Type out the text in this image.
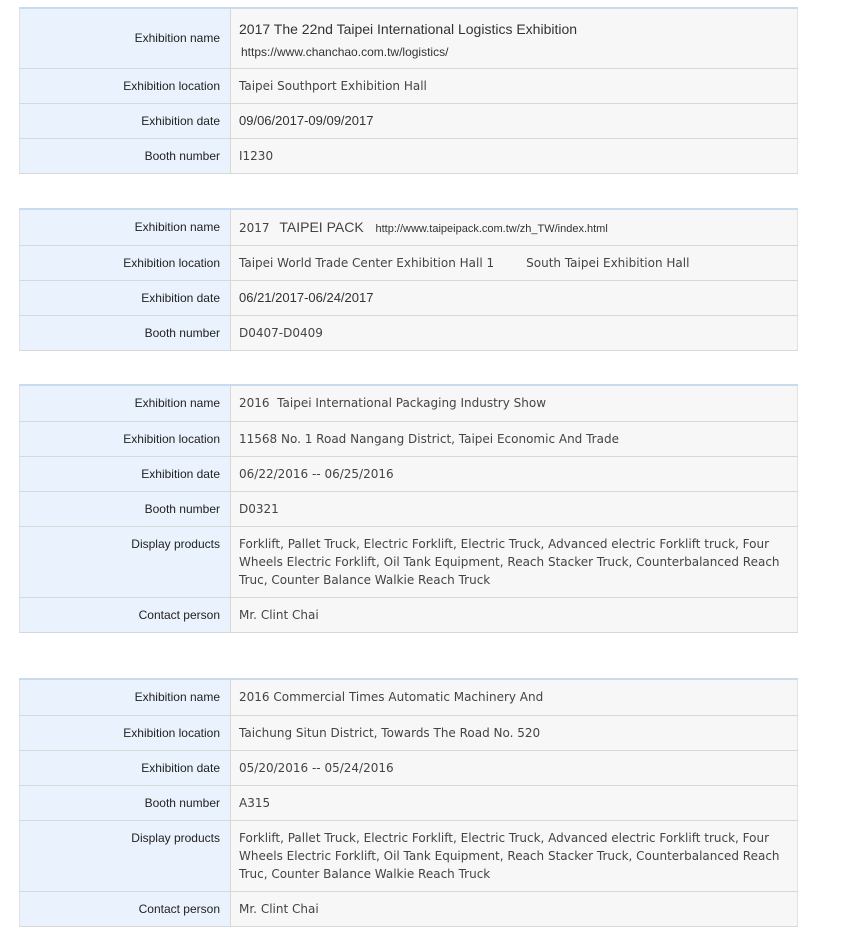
Exhibition name	2017 The 22nd Taipei International Logistics Exhibition
https://www.chanchao.com.tw/logistics/

Exhibition location	Taipei Southport Exhibition Hall
Exhibition date	09/06/2017-09/09/2017
Booth number	I1230
Exhibition name	2017 TAIPEI PACK http://www.taipeipack.com.tw/zh_TW/index.html
Exhibition location	Taipei World Trade Center Exhibition Hall 1 South Taipei Exhibition Hall
Exhibition date	06/21/2017-06/24/2017
Booth number	D0407-D0409
Exhibition name	2016  Taipei International Packaging Industry Show
Exhibition location	11568 No. 1 Road Nangang District, Taipei Economic And Trade
Exhibition date	06/22/2016 -- 06/25/2016
Booth number	D0321
Display products	Forklift, Pallet Truck, Electric Forklift, Electric Truck, Advanced electric Forklift truck, Four Wheels Electric Forklift, Oil Tank Equipment, Reach Stacker Truck, Counterbalanced Reach Truc, Counter Balance Walkie Reach Truck
Contact person	Mr. Clint Chai
Exhibition name	2016 Commercial Times Automatic Machinery And
Exhibition location	Taichung Situn District, Towards The Road No. 520
Exhibition date	05/20/2016 -- 05/24/2016
Booth number	A315
Display products	Forklift, Pallet Truck, Electric Forklift, Electric Truck, Advanced electric Forklift truck, Four Wheels Electric Forklift, Oil Tank Equipment, Reach Stacker Truck, Counterbalanced Reach Truc, Counter Balance Walkie Reach Truck
Contact person	Mr. Clint Chai
